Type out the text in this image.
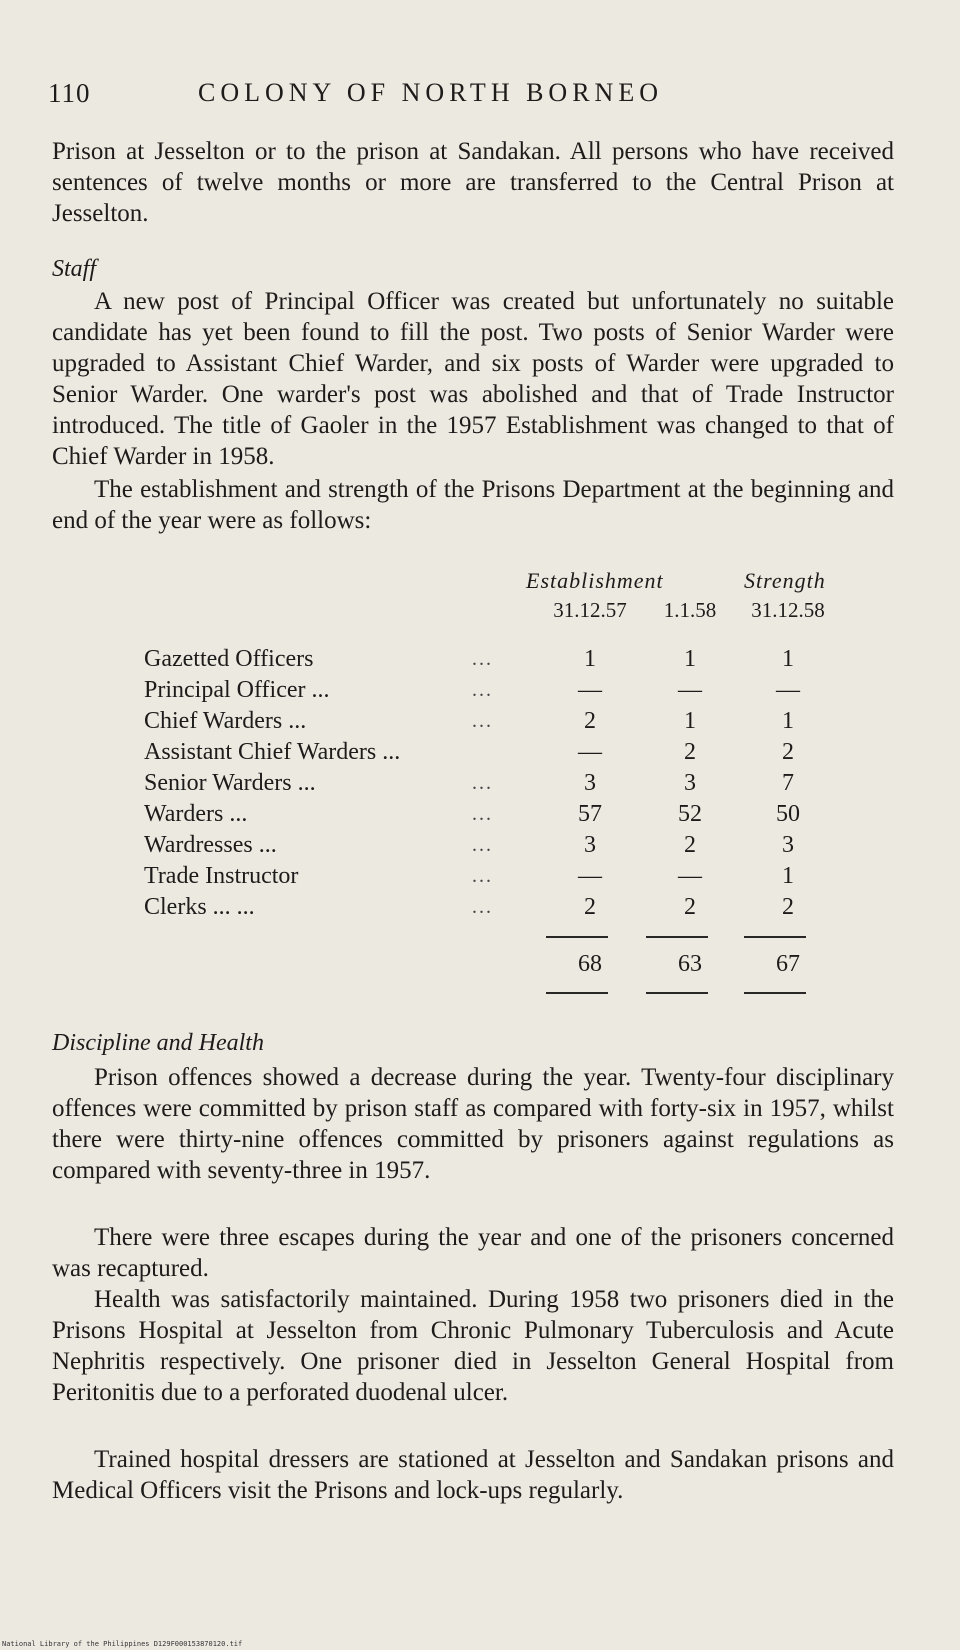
110	COLONY OF NORTH BORNEO

Prison at Jesselton or to the prison at Sandakan. All persons who have received sentences of twelve months or more are transferred to the Central Prison at Jesselton.

Staff

A new post of Principal Officer was created but unfortunately no suitable candidate has yet been found to fill the post. Two posts of Senior Warder were upgraded to Assistant Chief Warder, and six posts of Warder were upgraded to Senior Warder. One warder's post was abolished and that of Trade Instructor introduced. The title of Gaoler in the 1957 Establishment was changed to that of Chief Warder in 1958.

The establishment and strength of the Prisons Department at the beginning and end of the year were as follows:

Establishment	Strength
31.12.57	1.1.58	31.12.58
Gazetted Officers	...	1	1	1
Principal Officer ...	...	—	—	—
Chief Warders ...	...	2	1	1
Assistant Chief Warders ...	—	2	2
Senior Warders ...	...	3	3	7
Warders ...	...	57	52	50
Wardresses ...	...	3	2	3
Trade Instructor	...	—	—	1
Clerks ... ...	...	2	2	2
68	63	67

Discipline and Health

Prison offences showed a decrease during the year. Twenty-four disciplinary offences were committed by prison staff as compared with forty-six in 1957, whilst there were thirty-nine offences committed by prisoners against regulations as compared with seventy-three in 1957.

There were three escapes during the year and one of the prisoners concerned was recaptured.

Health was satisfactorily maintained. During 1958 two prisoners died in the Prisons Hospital at Jesselton from Chronic Pulmonary Tuberculosis and Acute Nephritis respectively. One prisoner died in Jesselton General Hospital from Peritonitis due to a perforated duodenal ulcer.

Trained hospital dressers are stationed at Jesselton and Sandakan prisons and Medical Officers visit the Prisons and lock-ups regularly.

National Library of the Philippines D129F000153870120.tif
